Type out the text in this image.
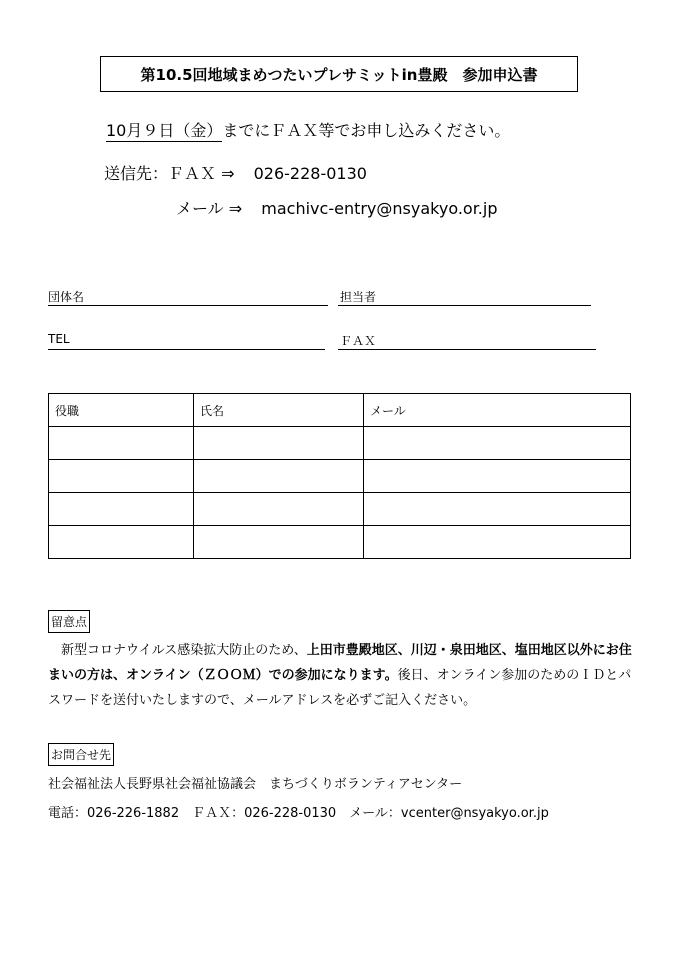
第10.5回地域まめつたいプレサミットin豊殿　参加申込書
10月９日（金）までにＦＡＸ等でお申し込みください。
送信先：ＦＡＸ ⇒ 026-228-0130
メール ⇒ machivc-entry@nsyakyo.or.jp
団体名	担当者
TEL	ＦＡＸ
役職	氏名	メール

留意点
新型コロナウイルス感染拡大防止のため、上田市豊殿地区、川辺・泉田地区、塩田地区以外にお住まいの方は、オンライン（ＺＯＯＭ）での参加になります。後日、オンライン参加のためのＩＤとパスワードを送付いたしますので、メールアドレスを必ずご記入ください。
お問合せ先
社会福祉法人長野県社会福祉協議会　まちづくりボランティアセンター
電話：026-226-1882　ＦＡＸ：026-228-0130　メール：vcenter@nsyakyo.or.jp
